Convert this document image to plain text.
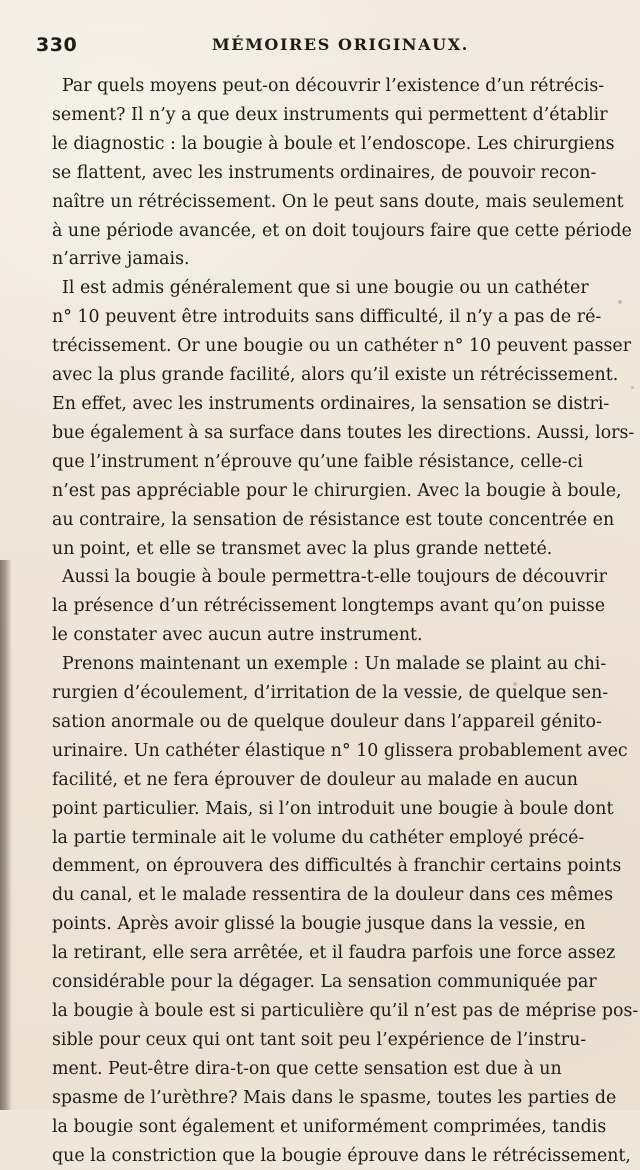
330	MÉMOIRES ORIGINAUX.

Par quels moyens peut-on découvrir l’existence d’un rétrécis-

sement? Il n’y a que deux instruments qui permettent d’établir

le diagnostic : la bougie à boule et l’endoscope. Les chirurgiens

se flattent, avec les instruments ordinaires, de pouvoir recon-

naître un rétrécissement. On le peut sans doute, mais seulement

à une période avancée, et on doit toujours faire que cette période

n’arrive jamais.

Il est admis généralement que si une bougie ou un cathéter

n° 10 peuvent être introduits sans difficulté, il n’y a pas de ré-

trécissement. Or une bougie ou un cathéter n° 10 peuvent passer

avec la plus grande facilité, alors qu’il existe un rétrécissement.

En effet, avec les instruments ordinaires, la sensation se distri-

bue également à sa surface dans toutes les directions. Aussi, lors-

que l’instrument n’éprouve qu’une faible résistance, celle-ci

n’est pas appréciable pour le chirurgien. Avec la bougie à boule,

au contraire, la sensation de résistance est toute concentrée en

un point, et elle se transmet avec la plus grande netteté.

Aussi la bougie à boule permettra-t-elle toujours de découvrir

la présence d’un rétrécissement longtemps avant qu’on puisse

le constater avec aucun autre instrument.

Prenons maintenant un exemple : Un malade se plaint au chi-

rurgien d’écoulement, d’irritation de la vessie, de quelque sen-

sation anormale ou de quelque douleur dans l’appareil génito-

urinaire. Un cathéter élastique n° 10 glissera probablement avec

facilité, et ne fera éprouver de douleur au malade en aucun

point particulier. Mais, si l’on introduit une bougie à boule dont

la partie terminale ait le volume du cathéter employé précé-

demment, on éprouvera des difficultés à franchir certains points

du canal, et le malade ressentira de la douleur dans ces mêmes

points. Après avoir glissé la bougie jusque dans la vessie, en

la retirant, elle sera arrêtée, et il faudra parfois une force assez

considérable pour la dégager. La sensation communiquée par

la bougie à boule est si particulière qu’il n’est pas de méprise pos-

sible pour ceux qui ont tant soit peu l’expérience de l’instru-

ment. Peut-être dira-t-on que cette sensation est due à un

spasme de l’urèthre? Mais dans le spasme, toutes les parties de

la bougie sont également et uniformément comprimées, tandis

que la constriction que la bougie éprouve dans le rétrécissement,
